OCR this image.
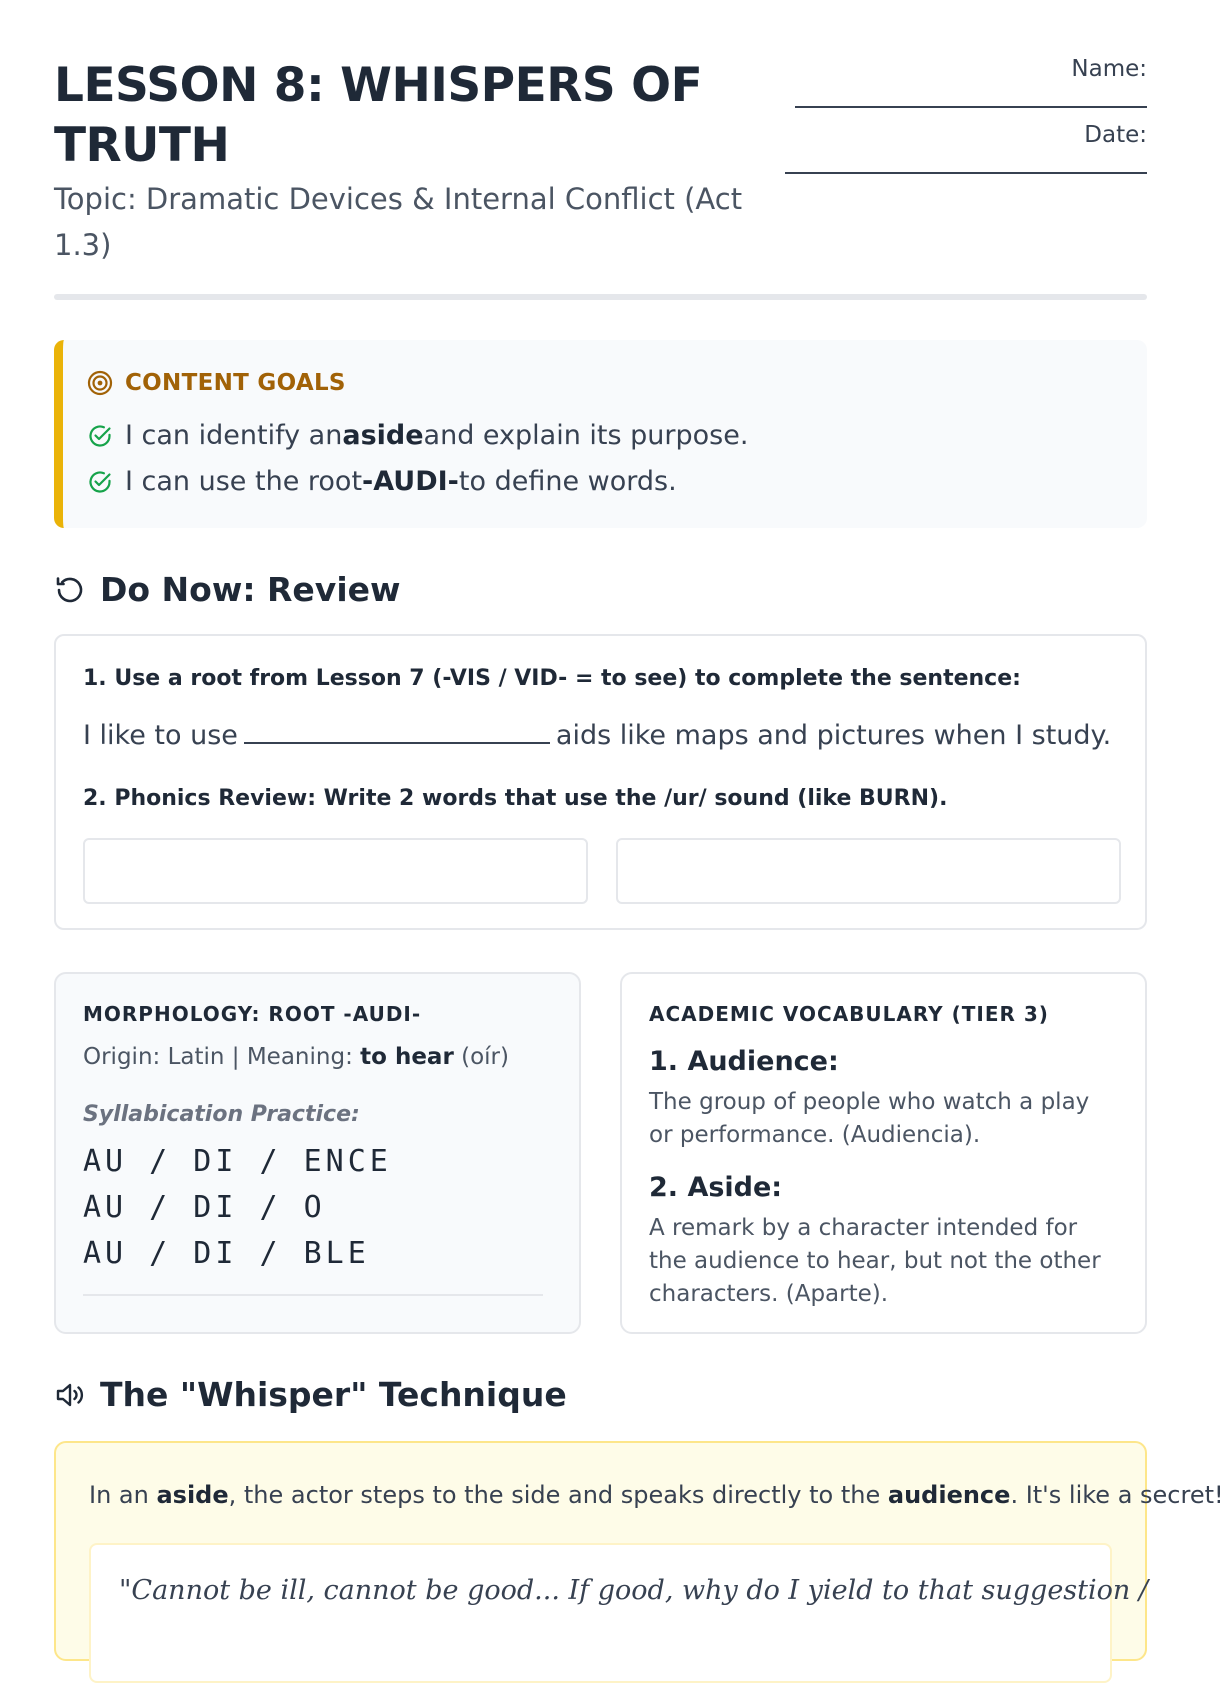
LESSON 8: WHISPERS OF TRUTH
Topic: Dramatic Devices & Internal Conflict (Act 1.3)
Name:
Date:
CONTENT GOALS
I can identify anasideand explain its purpose.
I can use the root-AUDI-to define words.
Do Now: Review
1. Use a root from Lesson 7 (-VIS / VID- = to see) to complete the sentence:
I like to use	aids like maps and pictures when I study.
2. Phonics Review: Write 2 words that use the /ur/ sound (like BURN).
MORPHOLOGY: ROOT -AUDI-
Origin: Latin | Meaning: to hear (oír)
Syllabication Practice:
AU / DI / ENCE
AU / DI / O
AU / DI / BLE
ACADEMIC VOCABULARY (TIER 3)
1. Audience:
The group of people who watch a play or performance. (Audiencia).
2. Aside:
A remark by a character intended for the audience to hear, but not the other characters. (Aparte).
The "Whisper" Technique
In an aside, the actor steps to the side and speaks directly to the audience. It's like a secret!
"Cannot be ill, cannot be good... If good, why do I yield to that suggestion /
